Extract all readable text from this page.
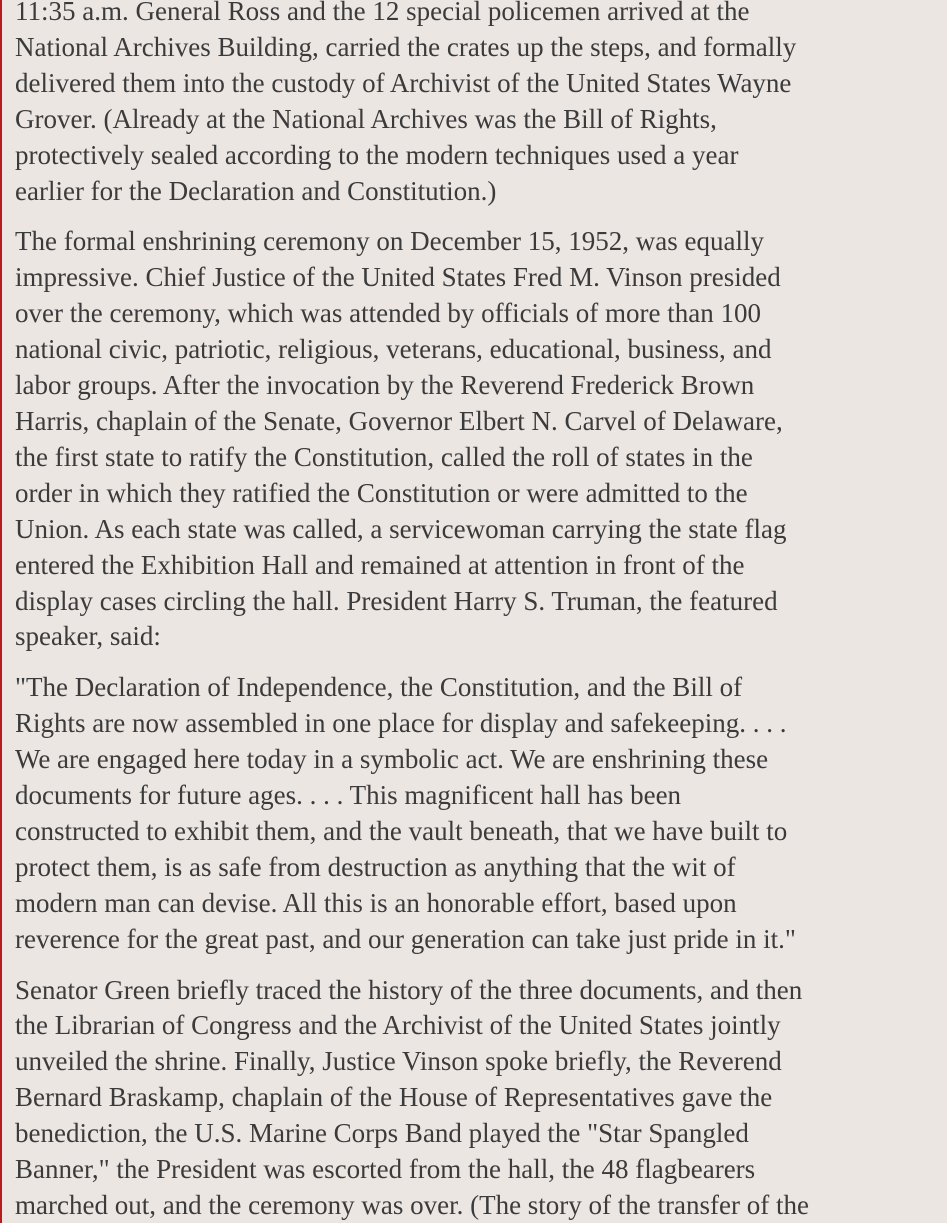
11:35 a.m. General Ross and the 12 special policemen arrived at the
National Archives Building, carried the crates up the steps, and formally
delivered them into the custody of Archivist of the United States Wayne
Grover. (Already at the National Archives was the Bill of Rights,
protectively sealed according to the modern techniques used a year
earlier for the Declaration and Constitution.)

The formal enshrining ceremony on December 15, 1952, was equally
impressive. Chief Justice of the United States Fred M. Vinson presided
over the ceremony, which was attended by officials of more than 100
national civic, patriotic, religious, veterans, educational, business, and
labor groups. After the invocation by the Reverend Frederick Brown
Harris, chaplain of the Senate, Governor Elbert N. Carvel of Delaware,
the first state to ratify the Constitution, called the roll of states in the
order in which they ratified the Constitution or were admitted to the
Union. As each state was called, a servicewoman carrying the state flag
entered the Exhibition Hall and remained at attention in front of the
display cases circling the hall. President Harry S. Truman, the featured
speaker, said:

"The Declaration of Independence, the Constitution, and the Bill of
Rights are now assembled in one place for display and safekeeping. . . .
We are engaged here today in a symbolic act. We are enshrining these
documents for future ages. . . . This magnificent hall has been
constructed to exhibit them, and the vault beneath, that we have built to
protect them, is as safe from destruction as anything that the wit of
modern man can devise. All this is an honorable effort, based upon
reverence for the great past, and our generation can take just pride in it."

Senator Green briefly traced the history of the three documents, and then
the Librarian of Congress and the Archivist of the United States jointly
unveiled the shrine. Finally, Justice Vinson spoke briefly, the Reverend
Bernard Braskamp, chaplain of the House of Representatives gave the
benediction, the U.S. Marine Corps Band played the "Star Spangled
Banner," the President was escorted from the hall, the 48 flagbearers
marched out, and the ceremony was over. (The story of the transfer of the
